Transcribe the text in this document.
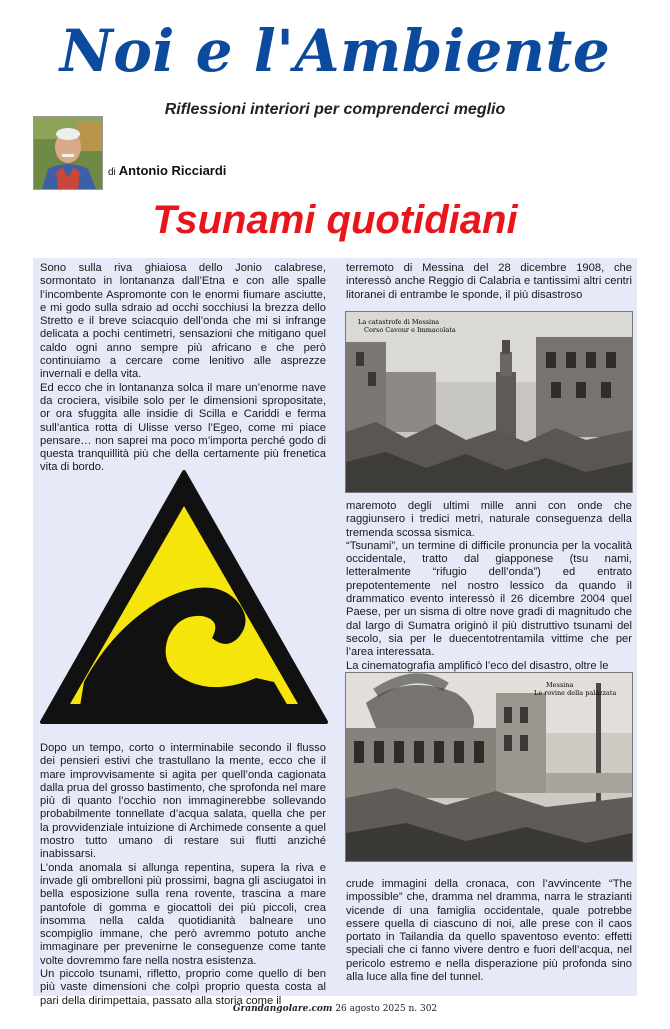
Noi e l'Ambiente
Riflessioni interiori per comprenderci meglio
di Antonio Ricciardi
Tsunami quotidiani

Sono sulla riva ghiaiosa dello Jonio calabrese, sormontato in lontananza dall’Etna e con alle spalle l’incombente Aspromonte con le enormi fiumare asciutte, e mi godo sulla sdraio ad occhi socchiusi la brezza dello Stretto e il breve sciacquio dell’onda che mi si infrange delicata a pochi centimetri, sensazioni che mitigano quel caldo ogni anno sempre più africano e che però continuiamo a cercare come lenitivo alle asprezze invernali e della vita.
Ed ecco che in lontananza solca il mare un’enorme nave da crociera, visibile solo per le dimensioni spropositate, or ora sfuggita alle insidie di Scilla e Cariddi e ferma sull’antica rotta di Ulisse verso l’Egeo, come mi piace pensare… non saprei ma poco m’importa perché godo di questa tranquillità più che della certamente più frenetica vita di bordo.

Dopo un tempo, corto o interminabile secondo il flusso dei pensieri estivi che trastullano la mente, ecco che il mare improvvisamente si agita per quell’onda cagionata dalla prua del grosso bastimento, che sprofonda nel mare più di quanto l’occhio non immaginerebbe sollevando probabilmente tonnellate d’acqua salata, quella che per la provvidenziale intuizione di Archimede consente a quel mostro tutto umano di restare sui flutti anziché inabissarsi.
L’onda anomala si allunga repentina, supera la riva e invade gli ombrelloni più prossimi, bagna gli asciugatoi in bella esposizione sulla rena rovente, trascina a mare pantofole di gomma e giocattoli dei più piccoli, crea insomma nella calda quotidianità balneare uno scompiglio immane, che però avremmo potuto anche immaginare per prevenirne le conseguenze come tante volte dovremmo fare nella nostra esistenza.
Un piccolo tsunami, rifletto, proprio come quello di ben più vaste dimensioni che colpì proprio questa costa al pari della dirimpettaia, passato alla storia come il

terremoto di Messina del 28 dicembre 1908, che interessò anche Reggio di Calabria e tantissimi altri centri litoranei di entrambe le sponde, il più disastroso

La catastrofe di Messina
Corso Cavour e Immacolata

maremoto degli ultimi mille anni con onde che raggiunsero i tredici metri, naturale conseguenza della tremenda scossa sismica.
“Tsunami”, un termine di difficile pronuncia per la vocalità occidentale, tratto dal giapponese (tsu nami, letteralmente “rifugio dell’onda”) ed entrato prepotentemente nel nostro lessico da quando il drammatico evento interessò il 26 dicembre 2004 quel Paese, per un sisma di oltre nove gradi di magnitudo che dal largo di Sumatra originò il più distruttivo tsunami del secolo, sia per le duecentotrentamila vittime che per l’area interessata.
La cinematografia amplificò l’eco del disastro, oltre le

Messina
Le rovine della palazzata

crude immagini della cronaca, con l’avvincente “The impossible” che, dramma nel dramma, narra le strazianti vicende di una famiglia occidentale, quale potrebbe essere quella di ciascuno di noi, alle prese con il caos portato in Tailandia da quello spaventoso evento: effetti speciali che ci fanno vivere dentro e fuori dell’acqua, nel pericolo estremo e nella disperazione più profonda sino alla luce alla fine del tunnel.

Grandangolare.com 26 agosto 2025 n. 302
